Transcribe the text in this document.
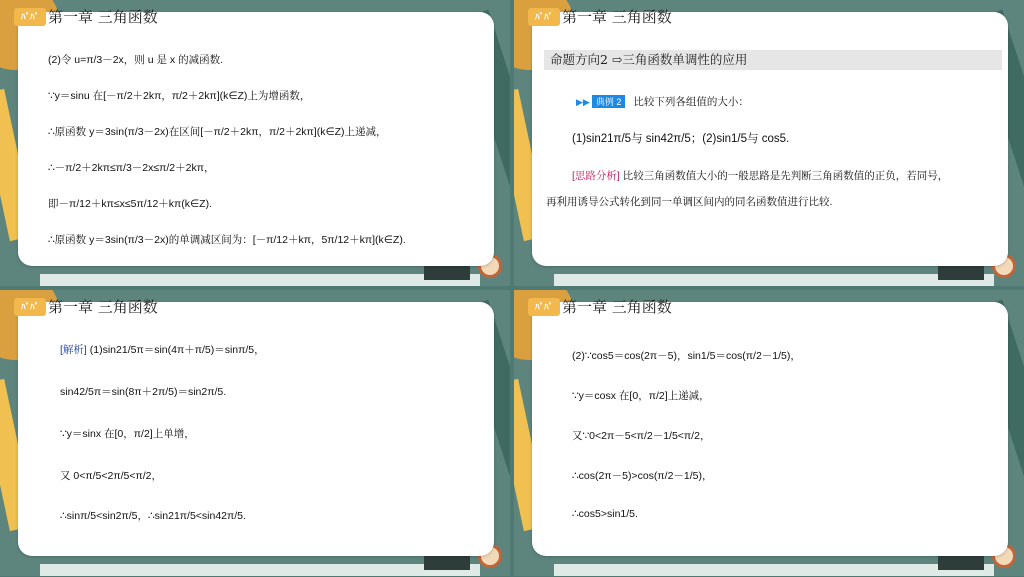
(2)令 u=π/3－2x，则 u 是 x 的减函数.
∵y＝sinu 在[－π/2＋2kπ，π/2＋2kπ](k∈Z)上为增函数，
∴原函数 y＝3sin(π/3－2x)在区间[－π/2＋2kπ，π/2＋2kπ](k∈Z)上递减，
∴－π/2＋2kπ≤π/3－2x≤π/2＋2kπ，
即－π/12＋kπ≤x≤5π/12＋kπ(k∈Z).
∴原函数 y＝3sin(π/3－2x)的单调减区间为：[－π/12＋kπ，5π/12＋kπ](k∈Z).
ﾊﾟﾊﾟ 第一章 三角函数
命题方向2 ⇨三角函数单调性的应用
▶▶ 典例 2 比较下列各组值的大小：
(1)sin21π/5与 sin42π/5；(2)sin1/5与 cos5.
[思路分析] 比较三角函数值大小的一般思路是先判断三角函数值的正负，若同号，
再利用诱导公式转化到同一单调区间内的同名函数值进行比较.
ﾊﾟﾊﾟ 第一章 三角函数
[解析] (1)sin21/5π＝sin(4π＋π/5)＝sinπ/5，
sin42/5π＝sin(8π＋2π/5)＝sin2π/5.
∵y＝sinx 在[0，π/2]上单增，
又 0<π/5<2π/5<π/2，
∴sinπ/5<sin2π/5，∴sin21π/5<sin42π/5.
ﾊﾟﾊﾟ 第一章 三角函数
(2)∵cos5＝cos(2π－5)，sin1/5＝cos(π/2－1/5)，
∵y＝cosx 在[0，π/2]上递减，
又∵0<2π－5<π/2－1/5<π/2，
∴cos(2π－5)>cos(π/2－1/5)，
∴cos5>sin1/5.
ﾊﾟﾊﾟ 第一章 三角函数
